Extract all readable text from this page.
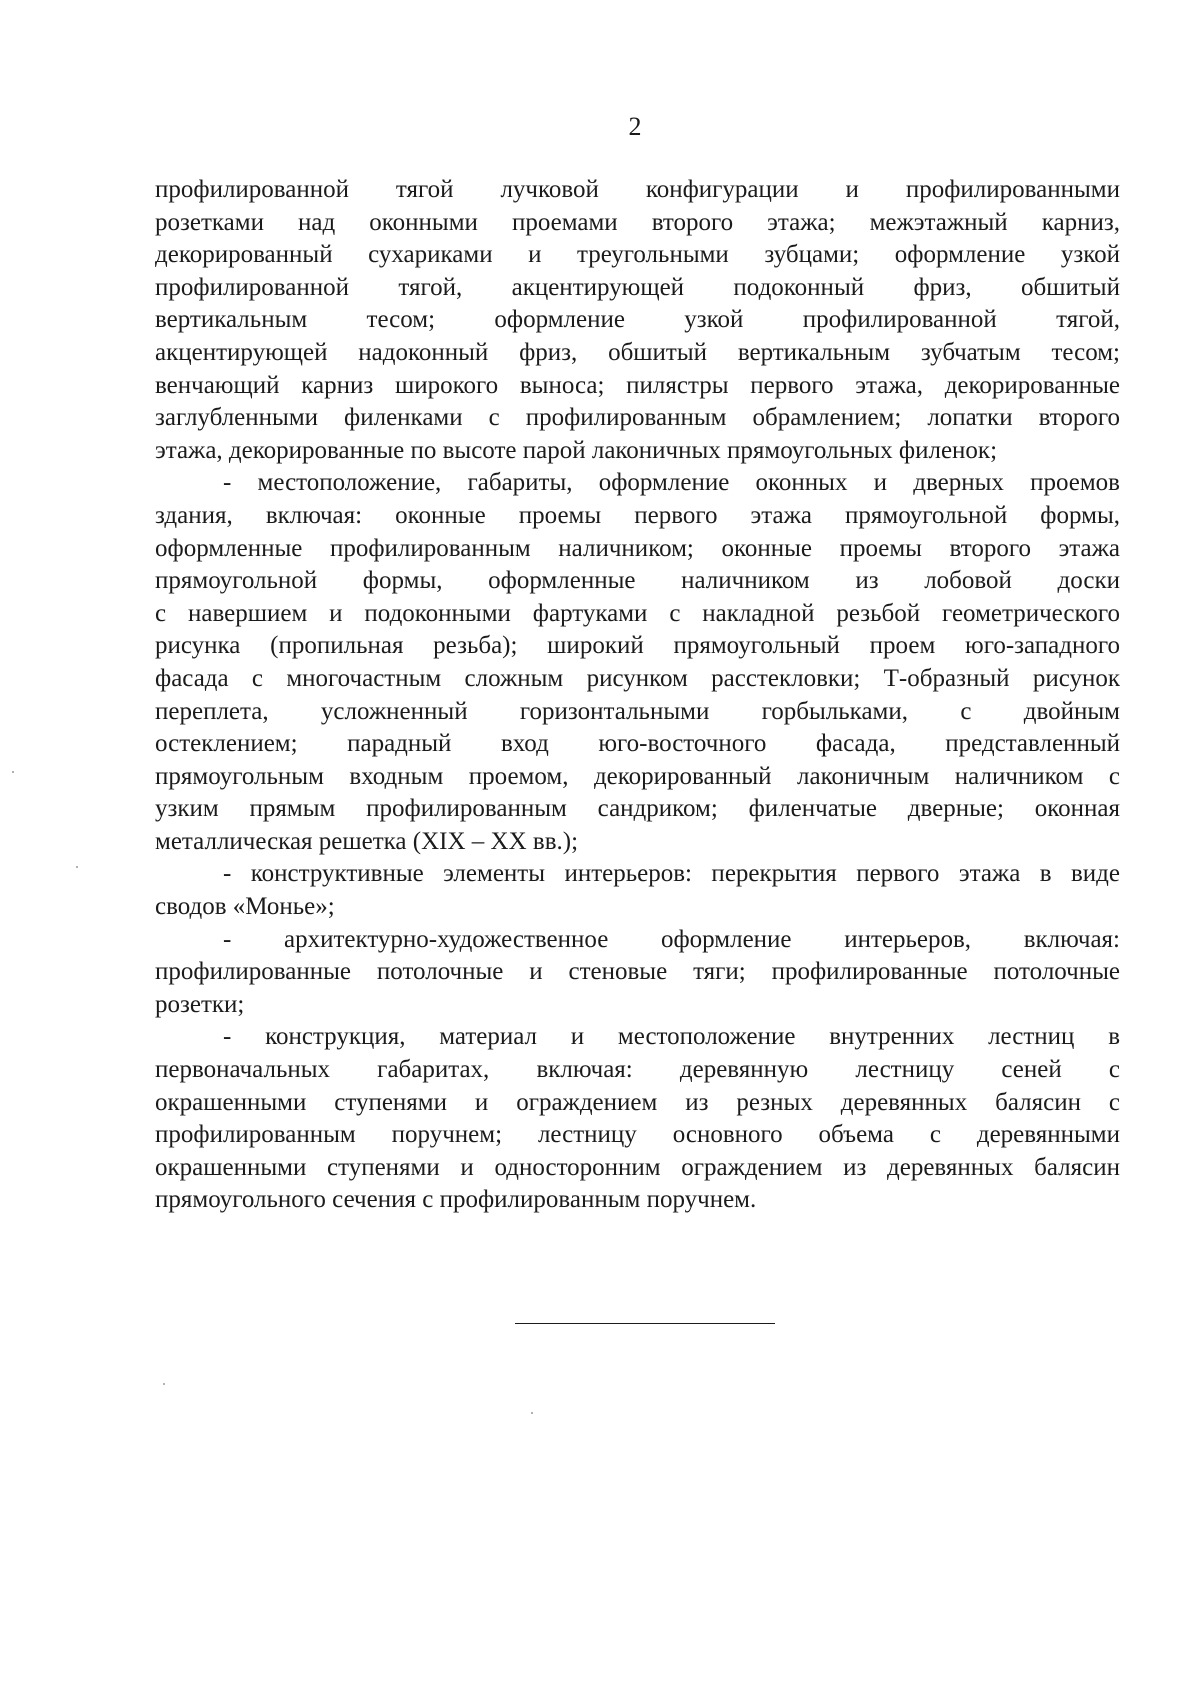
2
профилированной тягой лучковой конфигурации и профилированными
розетками над оконными проемами второго этажа; межэтажный карниз,
декорированный сухариками и треугольными зубцами; оформление узкой
профилированной тягой, акцентирующей подоконный фриз, обшитый
вертикальным тесом; оформление узкой профилированной тягой,
акцентирующей надоконный фриз, обшитый вертикальным зубчатым тесом;
венчающий карниз широкого выноса; пилястры первого этажа, декорированные
заглубленными филенками с профилированным обрамлением; лопатки второго
этажа, декорированные по высоте парой лаконичных прямоугольных филенок;
- местоположение, габариты, оформление оконных и дверных проемов
здания, включая: оконные проемы первого этажа прямоугольной формы,
оформленные профилированным наличником; оконные проемы второго этажа
прямоугольной формы, оформленные наличником из лобовой доски
с навершием и подоконными фартуками с накладной резьбой геометрического
рисунка (пропильная резьба); широкий прямоугольный проем юго-западного
фасада с многочастным сложным рисунком расстекловки; Т-образный рисунок
переплета, усложненный горизонтальными горбыльками, с двойным
остеклением; парадный вход юго-восточного фасада, представленный
прямоугольным входным проемом, декорированный лаконичным наличником с
узким прямым профилированным сандриком; филенчатые дверные; оконная
металлическая решетка (XIX – XX вв.);
- конструктивные элементы интерьеров: перекрытия первого этажа в виде
сводов «Монье»;
- архитектурно-художественное оформление интерьеров, включая:
профилированные потолочные и стеновые тяги; профилированные потолочные
розетки;
- конструкция, материал и местоположение внутренних лестниц в
первоначальных габаритах, включая: деревянную лестницу сеней с
окрашенными ступенями и ограждением из резных деревянных балясин с
профилированным поручнем; лестницу основного объема с деревянными
окрашенными ступенями и односторонним ограждением из деревянных балясин
прямоугольного сечения с профилированным поручнем.
